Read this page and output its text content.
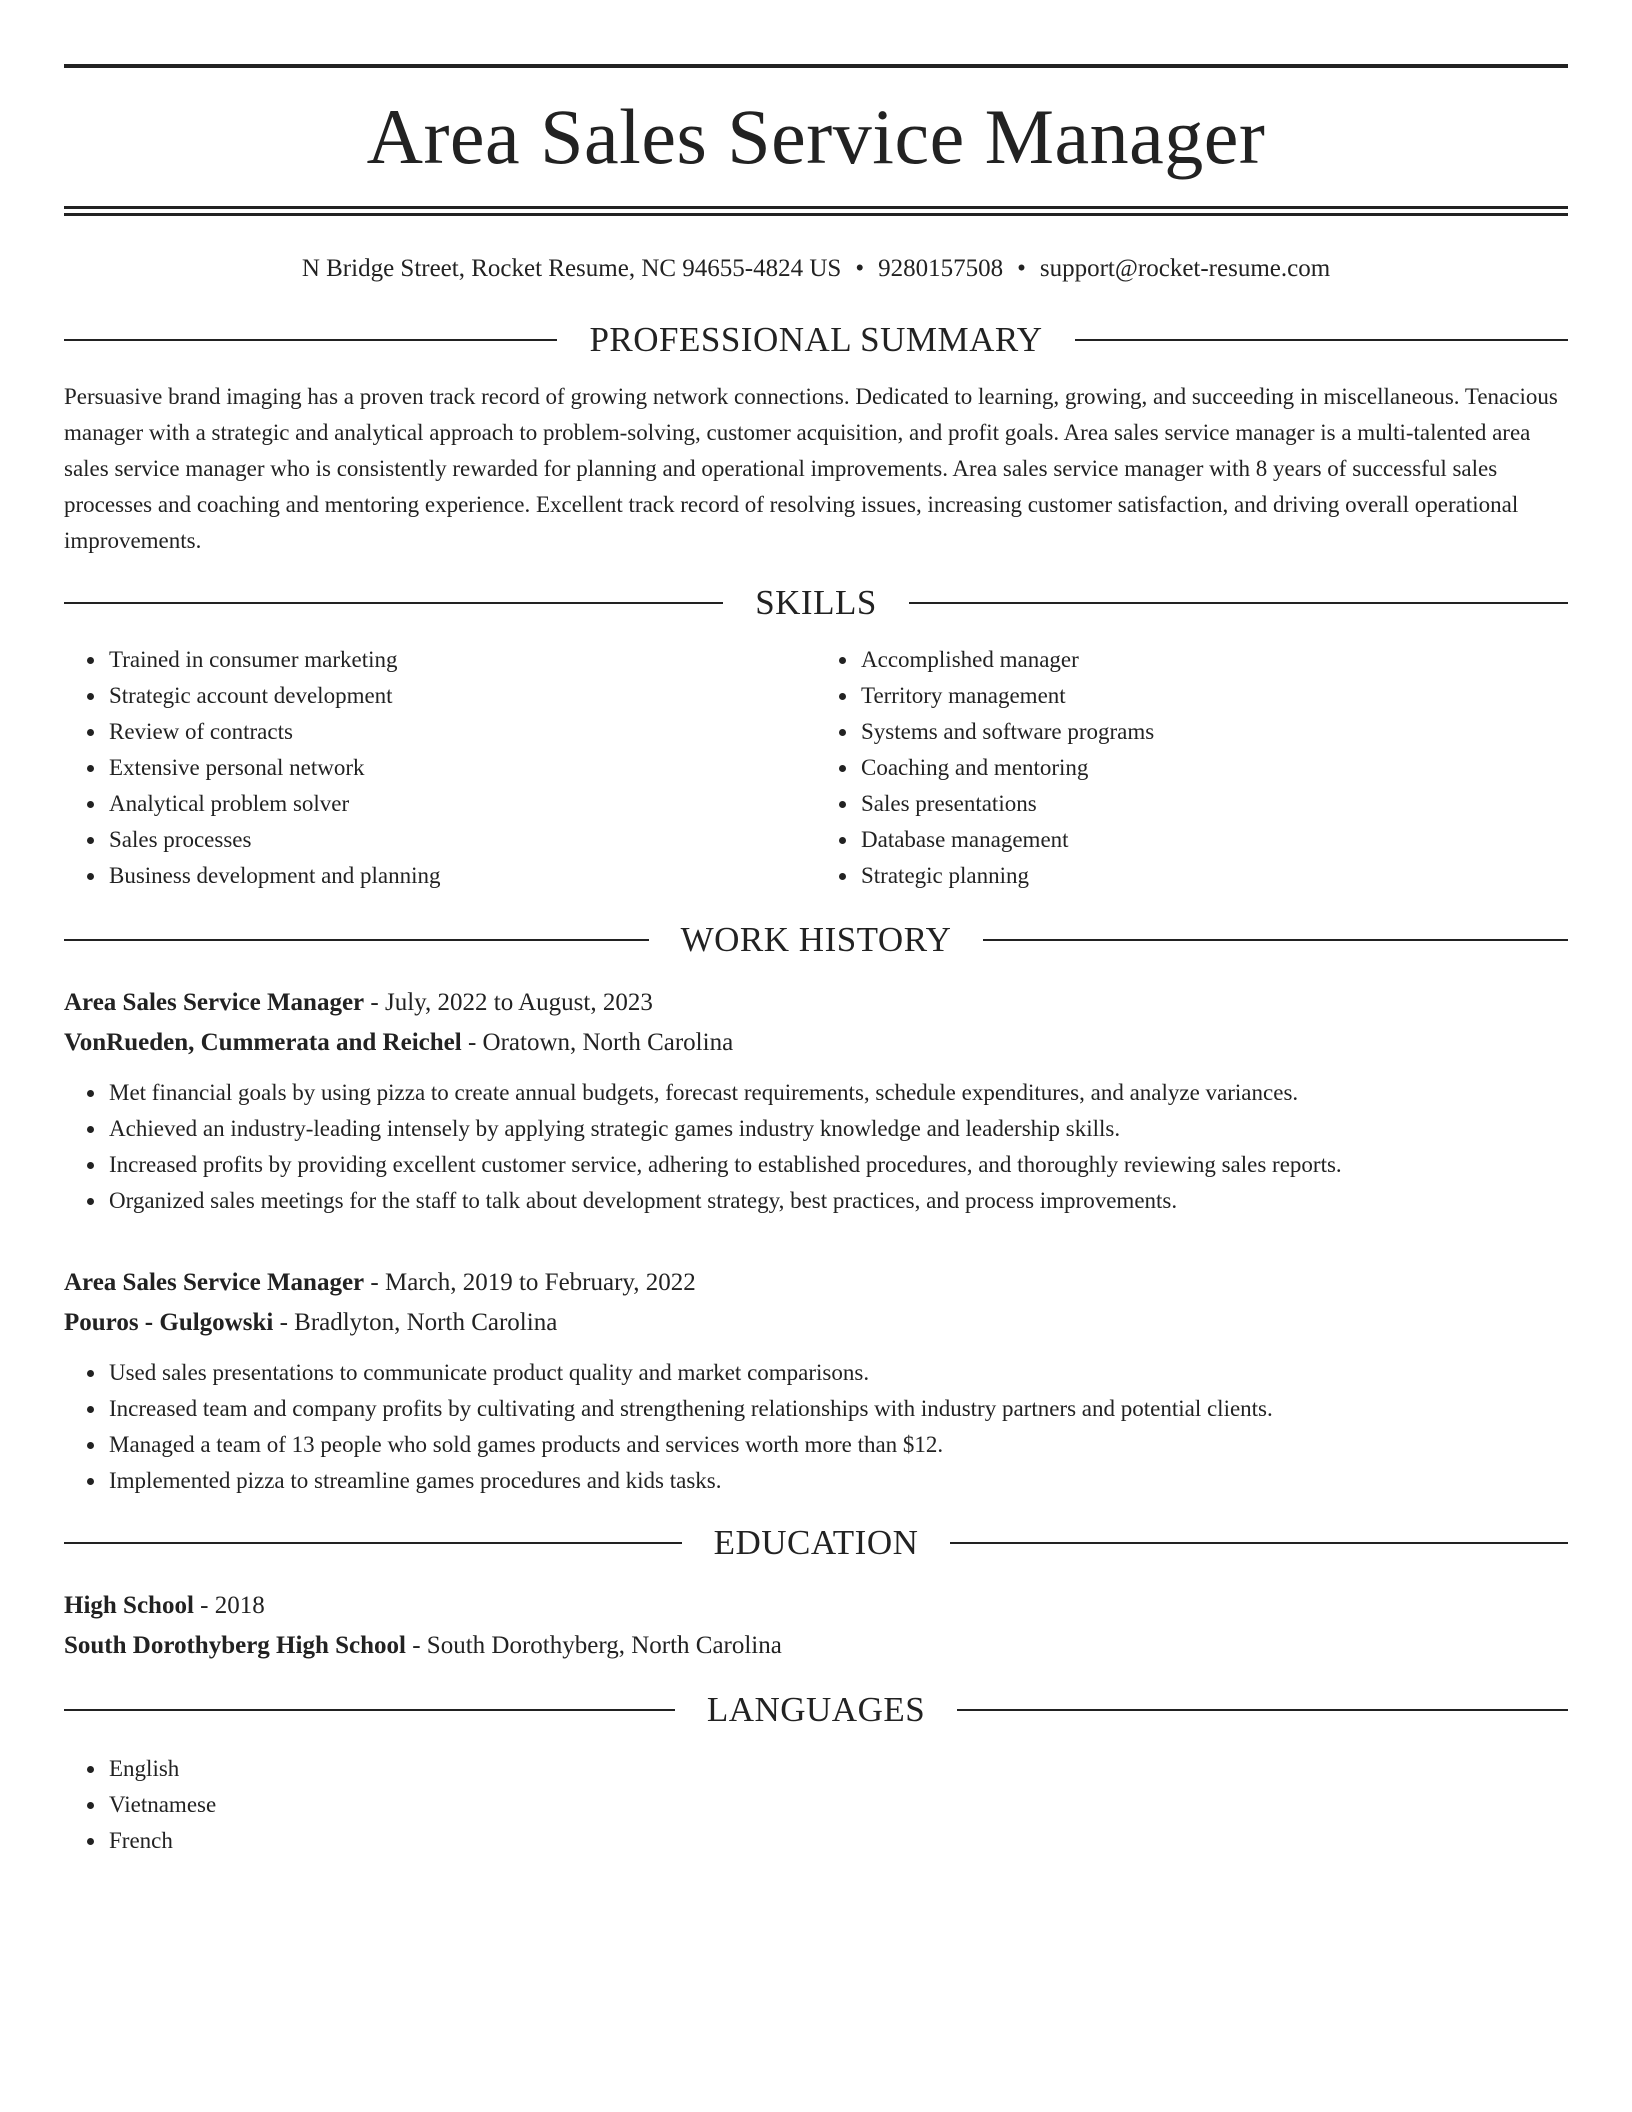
Area Sales Service Manager
N Bridge Street, Rocket Resume, NC 94655-4824 US • 9280157508 • support@rocket-resume.com
PROFESSIONAL SUMMARY

Persuasive brand imaging has a proven track record of growing network connections. Dedicated to learning, growing, and succeeding in miscellaneous. Tenacious manager with a strategic and analytical approach to problem-solving, customer acquisition, and profit goals. Area sales service manager is a multi-talented area sales service manager who is consistently rewarded for planning and operational improvements. Area sales service manager with 8 years of successful sales processes and coaching and mentoring experience. Excellent track record of resolving issues, increasing customer satisfaction, and driving overall operational improvements.

SKILLS
• Trained in consumer marketing
• Strategic account development
• Review of contracts
• Extensive personal network
• Analytical problem solver
• Sales processes
• Business development and planning
• Accomplished manager
• Territory management
• Systems and software programs
• Coaching and mentoring
• Sales presentations
• Database management
• Strategic planning
WORK HISTORY
Area Sales Service Manager - July, 2022 to August, 2023
VonRueden, Cummerata and Reichel - Oratown, North Carolina
• Met financial goals by using pizza to create annual budgets, forecast requirements, schedule expenditures, and analyze variances.
• Achieved an industry-leading intensely by applying strategic games industry knowledge and leadership skills.
• Increased profits by providing excellent customer service, adhering to established procedures, and thoroughly reviewing sales reports.
• Organized sales meetings for the staff to talk about development strategy, best practices, and process improvements.
Area Sales Service Manager - March, 2019 to February, 2022
Pouros - Gulgowski - Bradlyton, North Carolina
• Used sales presentations to communicate product quality and market comparisons.
• Increased team and company profits by cultivating and strengthening relationships with industry partners and potential clients.
• Managed a team of 13 people who sold games products and services worth more than $12.
• Implemented pizza to streamline games procedures and kids tasks.
EDUCATION
High School - 2018
South Dorothyberg High School - South Dorothyberg, North Carolina
LANGUAGES
• English
• Vietnamese
• French
